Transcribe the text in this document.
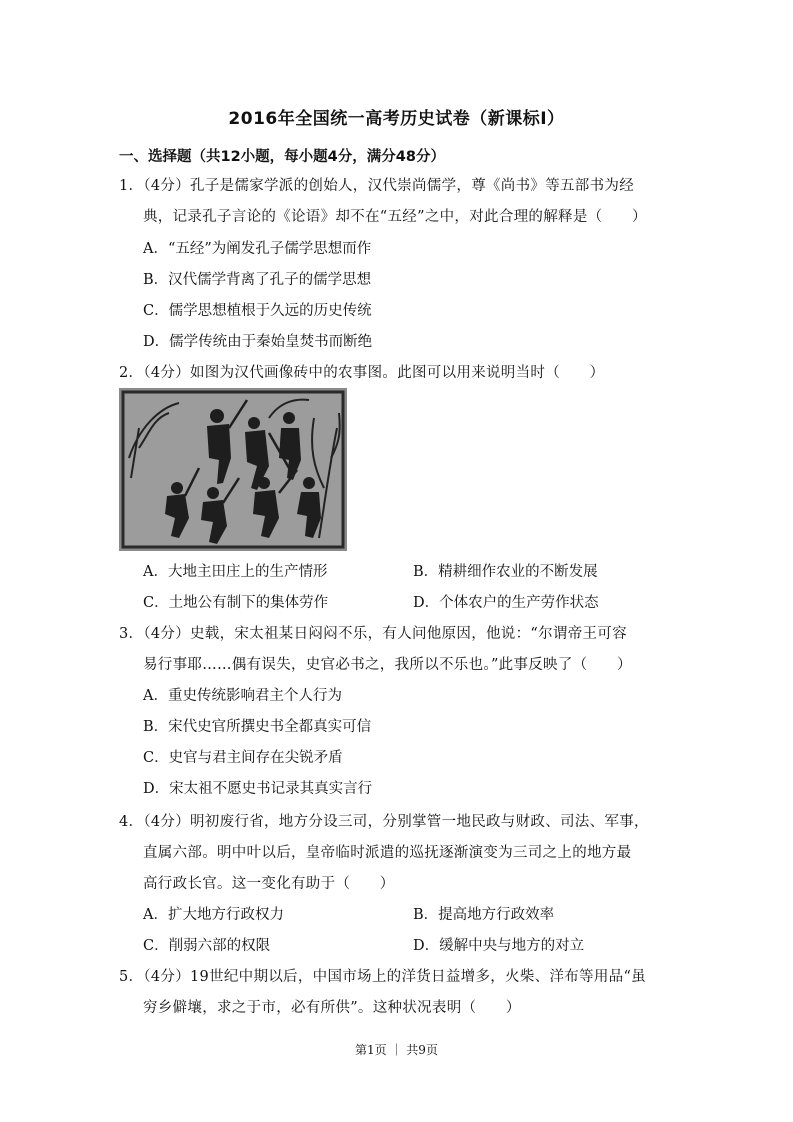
2016年全国统一高考历史试卷（新课标Ⅰ）
一、选择题（共12小题，每小题4分，满分48分）
1．（4分）孔子是儒家学派的创始人，汉代崇尚儒学，尊《尚书》等五部书为经
典，记录孔子言论的《论语》却不在“五经”之中，对此合理的解释是（　　）
A．“五经”为阐发孔子儒学思想而作
B．汉代儒学背离了孔子的儒学思想
C．儒学思想植根于久远的历史传统
D．儒学传统由于秦始皇焚书而断绝
2．（4分）如图为汉代画像砖中的农事图。此图可以用来说明当时（　　）
A．大地主田庄上的生产情形	B．精耕细作农业的不断发展
C．土地公有制下的集体劳作	D．个体农户的生产劳作状态
3．（4分）史载，宋太祖某日闷闷不乐，有人问他原因，他说：“尔谓帝王可容
易行事耶……偶有误失，史官必书之，我所以不乐也。”此事反映了（　　）
A．重史传统影响君主个人行为
B．宋代史官所撰史书全都真实可信
C．史官与君主间存在尖锐矛盾
D．宋太祖不愿史书记录其真实言行
4．（4分）明初废行省，地方分设三司，分别掌管一地民政与财政、司法、军事，
直属六部。明中叶以后，皇帝临时派遣的巡抚逐渐演变为三司之上的地方最
高行政长官。这一变化有助于（　　）
A．扩大地方行政权力	B．提高地方行政效率
C．削弱六部的权限	D．缓解中央与地方的对立
5．（4分）19世纪中期以后，中国市场上的洋货日益增多，火柴、洋布等用品“虽
穷乡僻壤，求之于市，必有所供”。这种状况表明（　　）
第1页 ｜ 共9页
